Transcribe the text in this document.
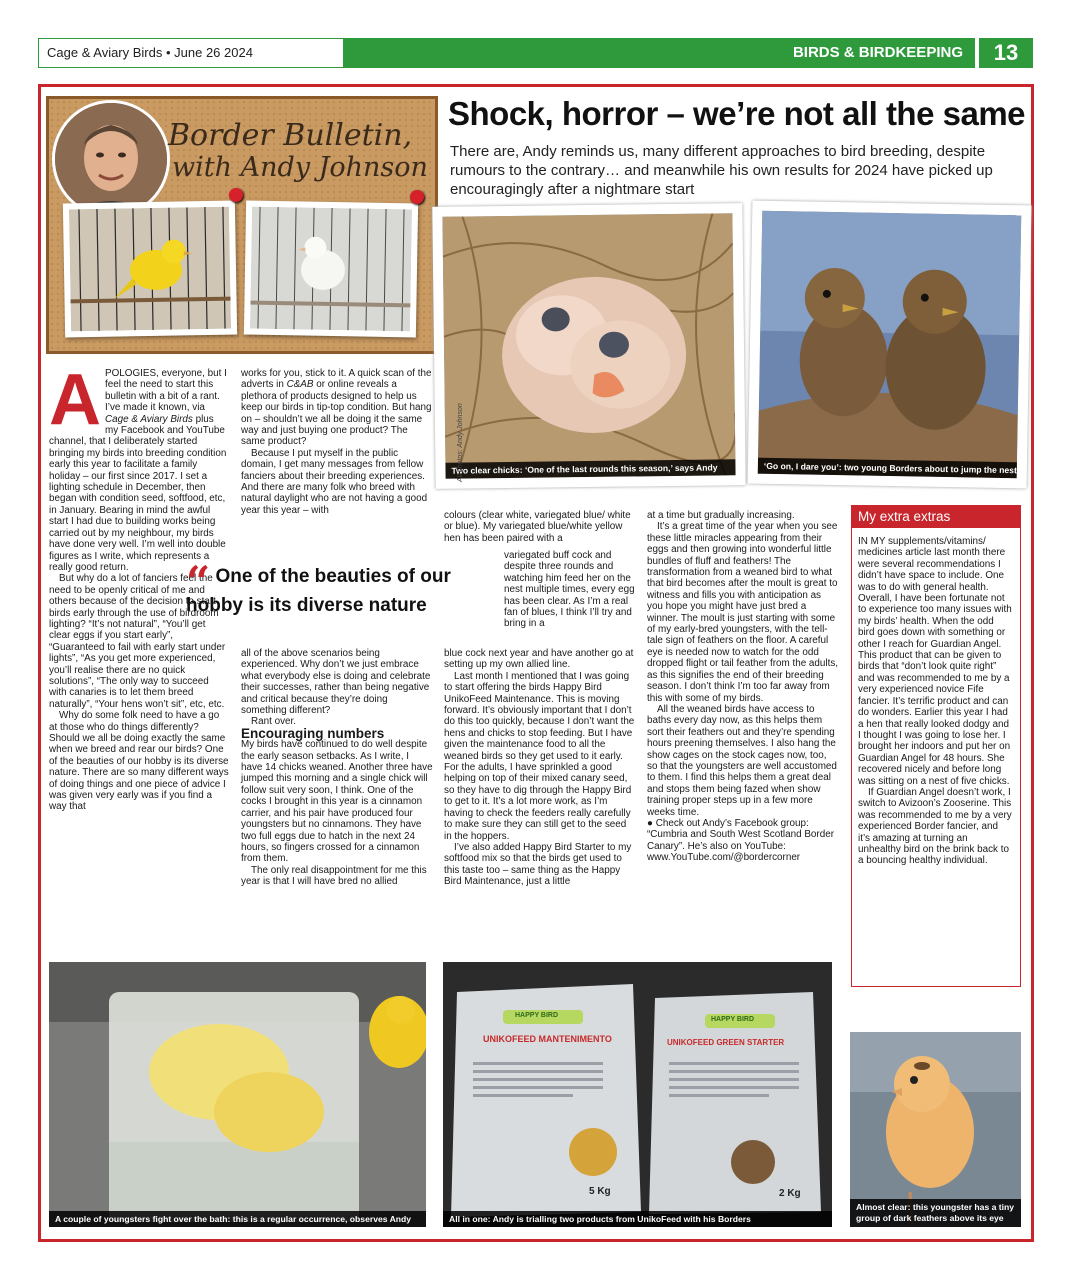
Cage & Aviary Birds • June 26 2024	BIRDS & BIRDKEEPING	13
Border Bulletin,
with Andy Johnson
Shock, horror – we’re not all the same
There are, Andy reminds us, many different approaches to bird breeding, despite rumours to the contrary… and meanwhile his own results for 2024 have picked up encouragingly after a nightmare start
Two clear chicks: ‘One of the last rounds this season,’ says Andy
All photos: Andy Johnson	‘Go on, I dare you’: two young Borders about to jump the nest

APOLOGIES, everyone, but I feel the need to start this bulletin with a bit of a rant. I’ve made it known, via Cage & Aviary Birds plus my Facebook and YouTube channel, that I deliberately started bringing my birds into breeding condition early this year to facilitate a family holiday – our first since 2017. I set a lighting schedule in December, then began with condition seed, softfood, etc, in January. Bearing in mind the awful start I had due to building works being carried out by my neighbour, my birds have done very well. I’m well into double figures as I write, which represents a really good return.

But why do a lot of fanciers feel the need to be openly critical of me and others because of the decision to start birds early through the use of birdroom lighting? “It’s not natural”, “You’ll get clear eggs if you start early”, “Guaranteed to fail with early start under lights”, “As you get more experienced, you’ll realise there are no quick solutions”, “The only way to succeed with canaries is to let them breed naturally”, “Your hens won’t sit”, etc, etc.

Why do some folk need to have a go at those who do things differently? Should we all be doing exactly the same when we breed and rear our birds? One of the beauties of our hobby is its diverse nature. There are so many different ways of doing things and one piece of advice I was given very early was if you find a way that

works for you, stick to it. A quick scan of the adverts in C&AB or online reveals a plethora of products designed to help us keep our birds in tip-top condition. But hang on – shouldn’t we all be doing it the same way and just buying one product? The same product?

Because I put myself in the public domain, I get many messages from fellow fanciers about their breeding experiences. And there are many folk who breed with natural daylight who are not having a good year this year – with

“ One of the beauties of our hobby is its diverse nature

all of the above scenarios being experienced. Why don’t we just embrace what everybody else is doing and celebrate their successes, rather than being negative and critical because they’re doing something different?

Rant over.

Encouraging numbers

My birds have continued to do well despite the early season setbacks. As I write, I have 14 chicks weaned. Another three have jumped this morning and a single chick will follow suit very soon, I think. One of the cocks I brought in this year is a cinnamon carrier, and his pair have produced four youngsters but no cinnamons. They have two full eggs due to hatch in the next 24 hours, so fingers crossed for a cinnamon from them.

The only real disappointment for me this year is that I will have bred no allied

colours (clear white, variegated blue/ white or blue). My variegated blue/white yellow hen has been paired with a

variegated buff cock and despite three rounds and watching him feed her on the nest multiple times, every egg has been clear. As I’m a real fan of blues, I think I’ll try and bring in a

blue cock next year and have another go at setting up my own allied line.

Last month I mentioned that I was going to start offering the birds Happy Bird UnikoFeed Maintenance. This is moving forward. It’s obviously important that I don’t do this too quickly, because I don’t want the hens and chicks to stop feeding. But I have given the maintenance food to all the weaned birds so they get used to it early. For the adults, I have sprinkled a good helping on top of their mixed canary seed, so they have to dig through the Happy Bird to get to it. It’s a lot more work, as I’m having to check the feeders really carefully to make sure they can still get to the seed in the hoppers.

I’ve also added Happy Bird Starter to my softfood mix so that the birds get used to this taste too – same thing as the Happy Bird Maintenance, just a little

at a time but gradually increasing.

It’s a great time of the year when you see these little miracles appearing from their eggs and then growing into wonderful little bundles of fluff and feathers! The transformation from a weaned bird to what that bird becomes after the moult is great to witness and fills you with anticipation as you hope you might have just bred a winner. The moult is just starting with some of my early-bred youngsters, with the tell-tale sign of feathers on the floor. A careful eye is needed now to watch for the odd dropped flight or tail feather from the adults, as this signifies the end of their breeding season. I don’t think I’m too far away from this with some of my birds.

All the weaned birds have access to baths every day now, as this helps them sort their feathers out and they’re spending hours preening themselves. I also hang the show cages on the stock cages now, too, so that the youngsters are well accustomed to them. I find this helps them a great deal and stops them being fazed when show training proper steps up in a few more weeks time.

● Check out Andy’s Facebook group: “Cumbria and South West Scotland Border Canary”. He’s also on YouTube: www.YouTube.com/@bordercorner

My extra extras

IN MY supplements/vitamins/ medicines article last month there were several recommendations I didn’t have space to include. One was to do with general health. Overall, I have been fortunate not to experience too many issues with my birds’ health. When the odd bird goes down with something or other I reach for Guardian Angel. This product that can be given to birds that “don’t look quite right” and was recommended to me by a very experienced novice Fife fancier. It’s terrific product and can do wonders. Earlier this year I had a hen that really looked dodgy and I thought I was going to lose her. I brought her indoors and put her on Guardian Angel for 48 hours. She recovered nicely and before long was sitting on a nest of five chicks.

If Guardian Angel doesn’t work, I switch to Avizoon’s Zooserine. This was recommended to me by a very experienced Border fancier, and it’s amazing at turning an unhealthy bird on the brink back to a bouncing healthy individual.

A couple of youngsters fight over the bath: this is a regular occurrence, observes Andy
HAPPY BIRD
HAPPY BIRD
UNIKOFEED MANTENIMENTO	UNIKOFEED GREEN STARTER
5 Kg	2 Kg
All in one: Andy is trialling two products from UnikoFeed with his Borders
Almost clear: this youngster has a tiny
group of dark feathers above its eye
